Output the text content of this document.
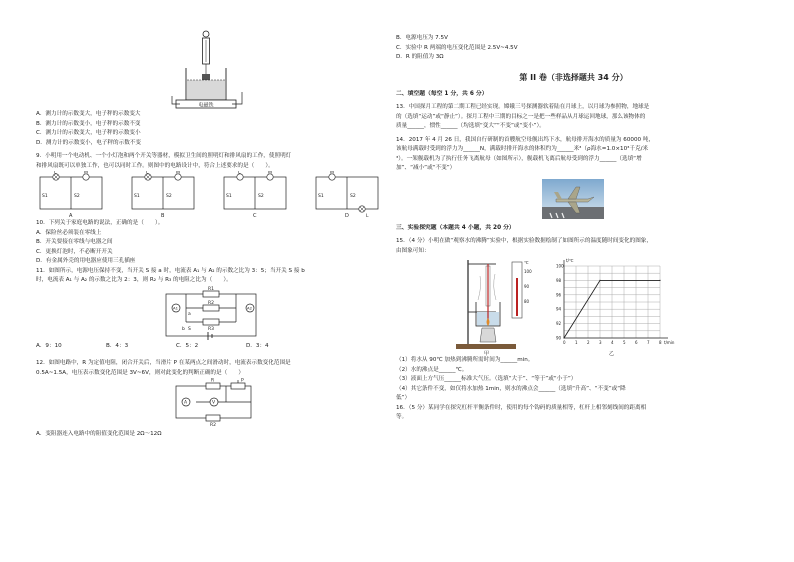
电磁铁
A．测力计的示数变大，电子秤的示数变大
B．测力计的示数变小，电子秤的示数不变
C．测力计的示数变大，电子秤的示数变小
D．测力计的示数变小，电子秤的示数不变
9．小明用一个电动机、一个小灯泡和两个开关等器材，模拟卫生间的照明灯和排风扇的工作，使照明灯
和排风扇既可以单独工作，也可以同时工作。则图中的电路设计中，符合上述要求的是（　　）。
L	M
S1	S2	S1
M
L
S2	S1
L
S2
M
S1
M
S2
L
A	B	C	D
10．下列关于家庭电路的说法，正确的是（　　）。
A．保险丝必须装在零线上
B．开关要接在零线与电器之间
C．更换灯泡时，不必断开开关
D．有金属外壳的用电器应使用三孔插座
11．如图所示，电源电压保持不变，当开关 S 接 a 时，电流表 A₁ 与 A₂ 的示数之比为 3：5；当开关 S 接 b
时，电流表 A₁ 与 A₂ 的示数之比为 2：3，则 R₂ 与 R₃ 的电阻之比为（　　）。
R1
A1
a
R2
A2
S	R3
b
A．9：10	B．4：3	C．5：2	D．3：4
12．如图电路中，R 为定值电阻，闭合开关后，当滑片 P 在某两点之间滑动时，电流表示数变化范围是
0.5A~1.5A，电压表示数变化范围是 3V~6V，则对此变化的判断正确的是（　　）
R	P
A	V
R2
A．变阻器连入电路中的阻值变化范围是 2Ω～12Ω
B．电源电压为 7.5V
C．实验中 R 两端的电压变化范围是 2.5V~4.5V
D．R 的阻值为 3Ω
第 II 卷（非选择题共 34 分）
二、填空题（每空 1 分，共 6 分）
13．中国探月工程的第二期工程已经实现。嫦娥三号探测器软着陆在月球上，以月球为参照物，地球是
的（选填“运动”或“静止”）。探月工程中三期的目标之一是把一些样品从月球运回地球，那么该物体的
质量______，惯性______（均选填“变大”“不变”或“变小”）。
14．2017 年 4 月 26 日，我国自行研制的首艘航空母舰出坞下水，航母排开海水的质量为 60000 吨，
该航母满载时受到的浮力为______N，满载时排开海水的体积约为______米³（ρ海水=1.0×10³千克/米
³）。一架舰载机为了执行任务飞离航母（如图所示），舰载机飞离后航母受到的浮力______（选填“增
加”、“减小”或“不变”）
三、实验探究题（本题共 4 小题，共 20 分）
15．（4 分）小明在做“观察水的沸腾”实验中，根据实验数据绘制了如图所示的温度随时间变化的图象，
由图象可知：
甲
℃
100
90
80
0 1 2 3 4 5 6 7 8
90
92
94
96
98
100
t/min
t/℃
乙
（1）将水从 90℃ 加热到沸腾所需时间为______min。
（2）水的沸点是______℃。
（3）液面上方气压______标准大气压。（选填“大于”、“等于”或“小于”）
（4）其它条件不变，如仅将水加热 1min，则水的沸点会______（选填“升高”、“不变”或“降
低”）
16．（5 分）某同学在探究杠杆平衡条件时，使用的每个钩码的质量相等，杠杆上相邻刻线间的距离相
等。
